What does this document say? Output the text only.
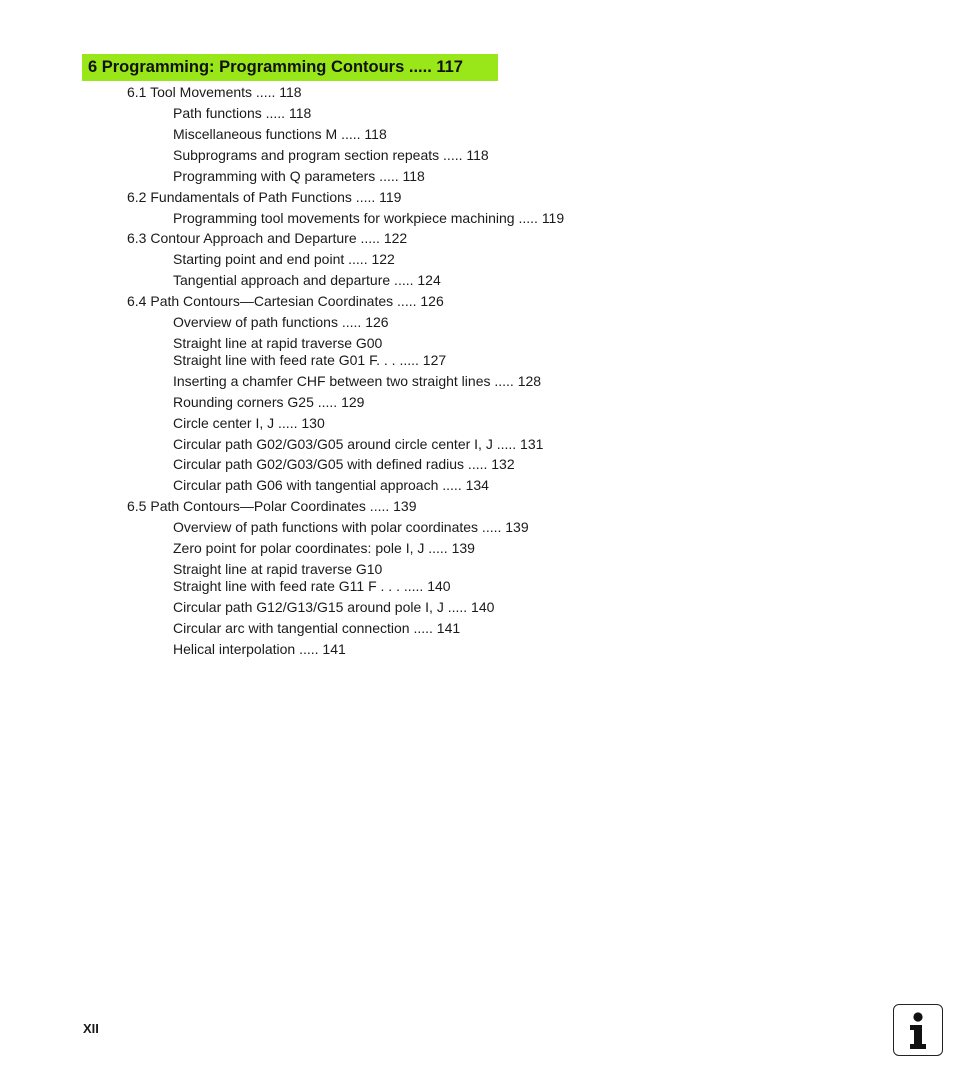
6 Programming: Programming Contours ..... 117
6.1 Tool Movements ..... 118
Path functions ..... 118
Miscellaneous functions M ..... 118
Subprograms and program section repeats ..... 118
Programming with Q parameters ..... 118
6.2 Fundamentals of Path Functions ..... 119
Programming tool movements for workpiece machining ..... 119
6.3 Contour Approach and Departure ..... 122
Starting point and end point ..... 122
Tangential approach and departure ..... 124
6.4 Path Contours—Cartesian Coordinates ..... 126
Overview of path functions ..... 126
Straight line at rapid traverse G00
Straight line with feed rate G01 F. . . ..... 127
Inserting a chamfer CHF between two straight lines ..... 128
Rounding corners G25 ..... 129
Circle center I, J ..... 130
Circular path G02/G03/G05 around circle center I, J ..... 131
Circular path G02/G03/G05 with defined radius ..... 132
Circular path G06 with tangential approach ..... 134
6.5 Path Contours—Polar Coordinates ..... 139
Overview of path functions with polar coordinates ..... 139
Zero point for polar coordinates: pole I, J ..... 139
Straight line at rapid traverse G10
Straight line with feed rate G11 F . . . ..... 140
Circular path G12/G13/G15 around pole I, J ..... 140
Circular arc with tangential connection ..... 141
Helical interpolation ..... 141
XII
